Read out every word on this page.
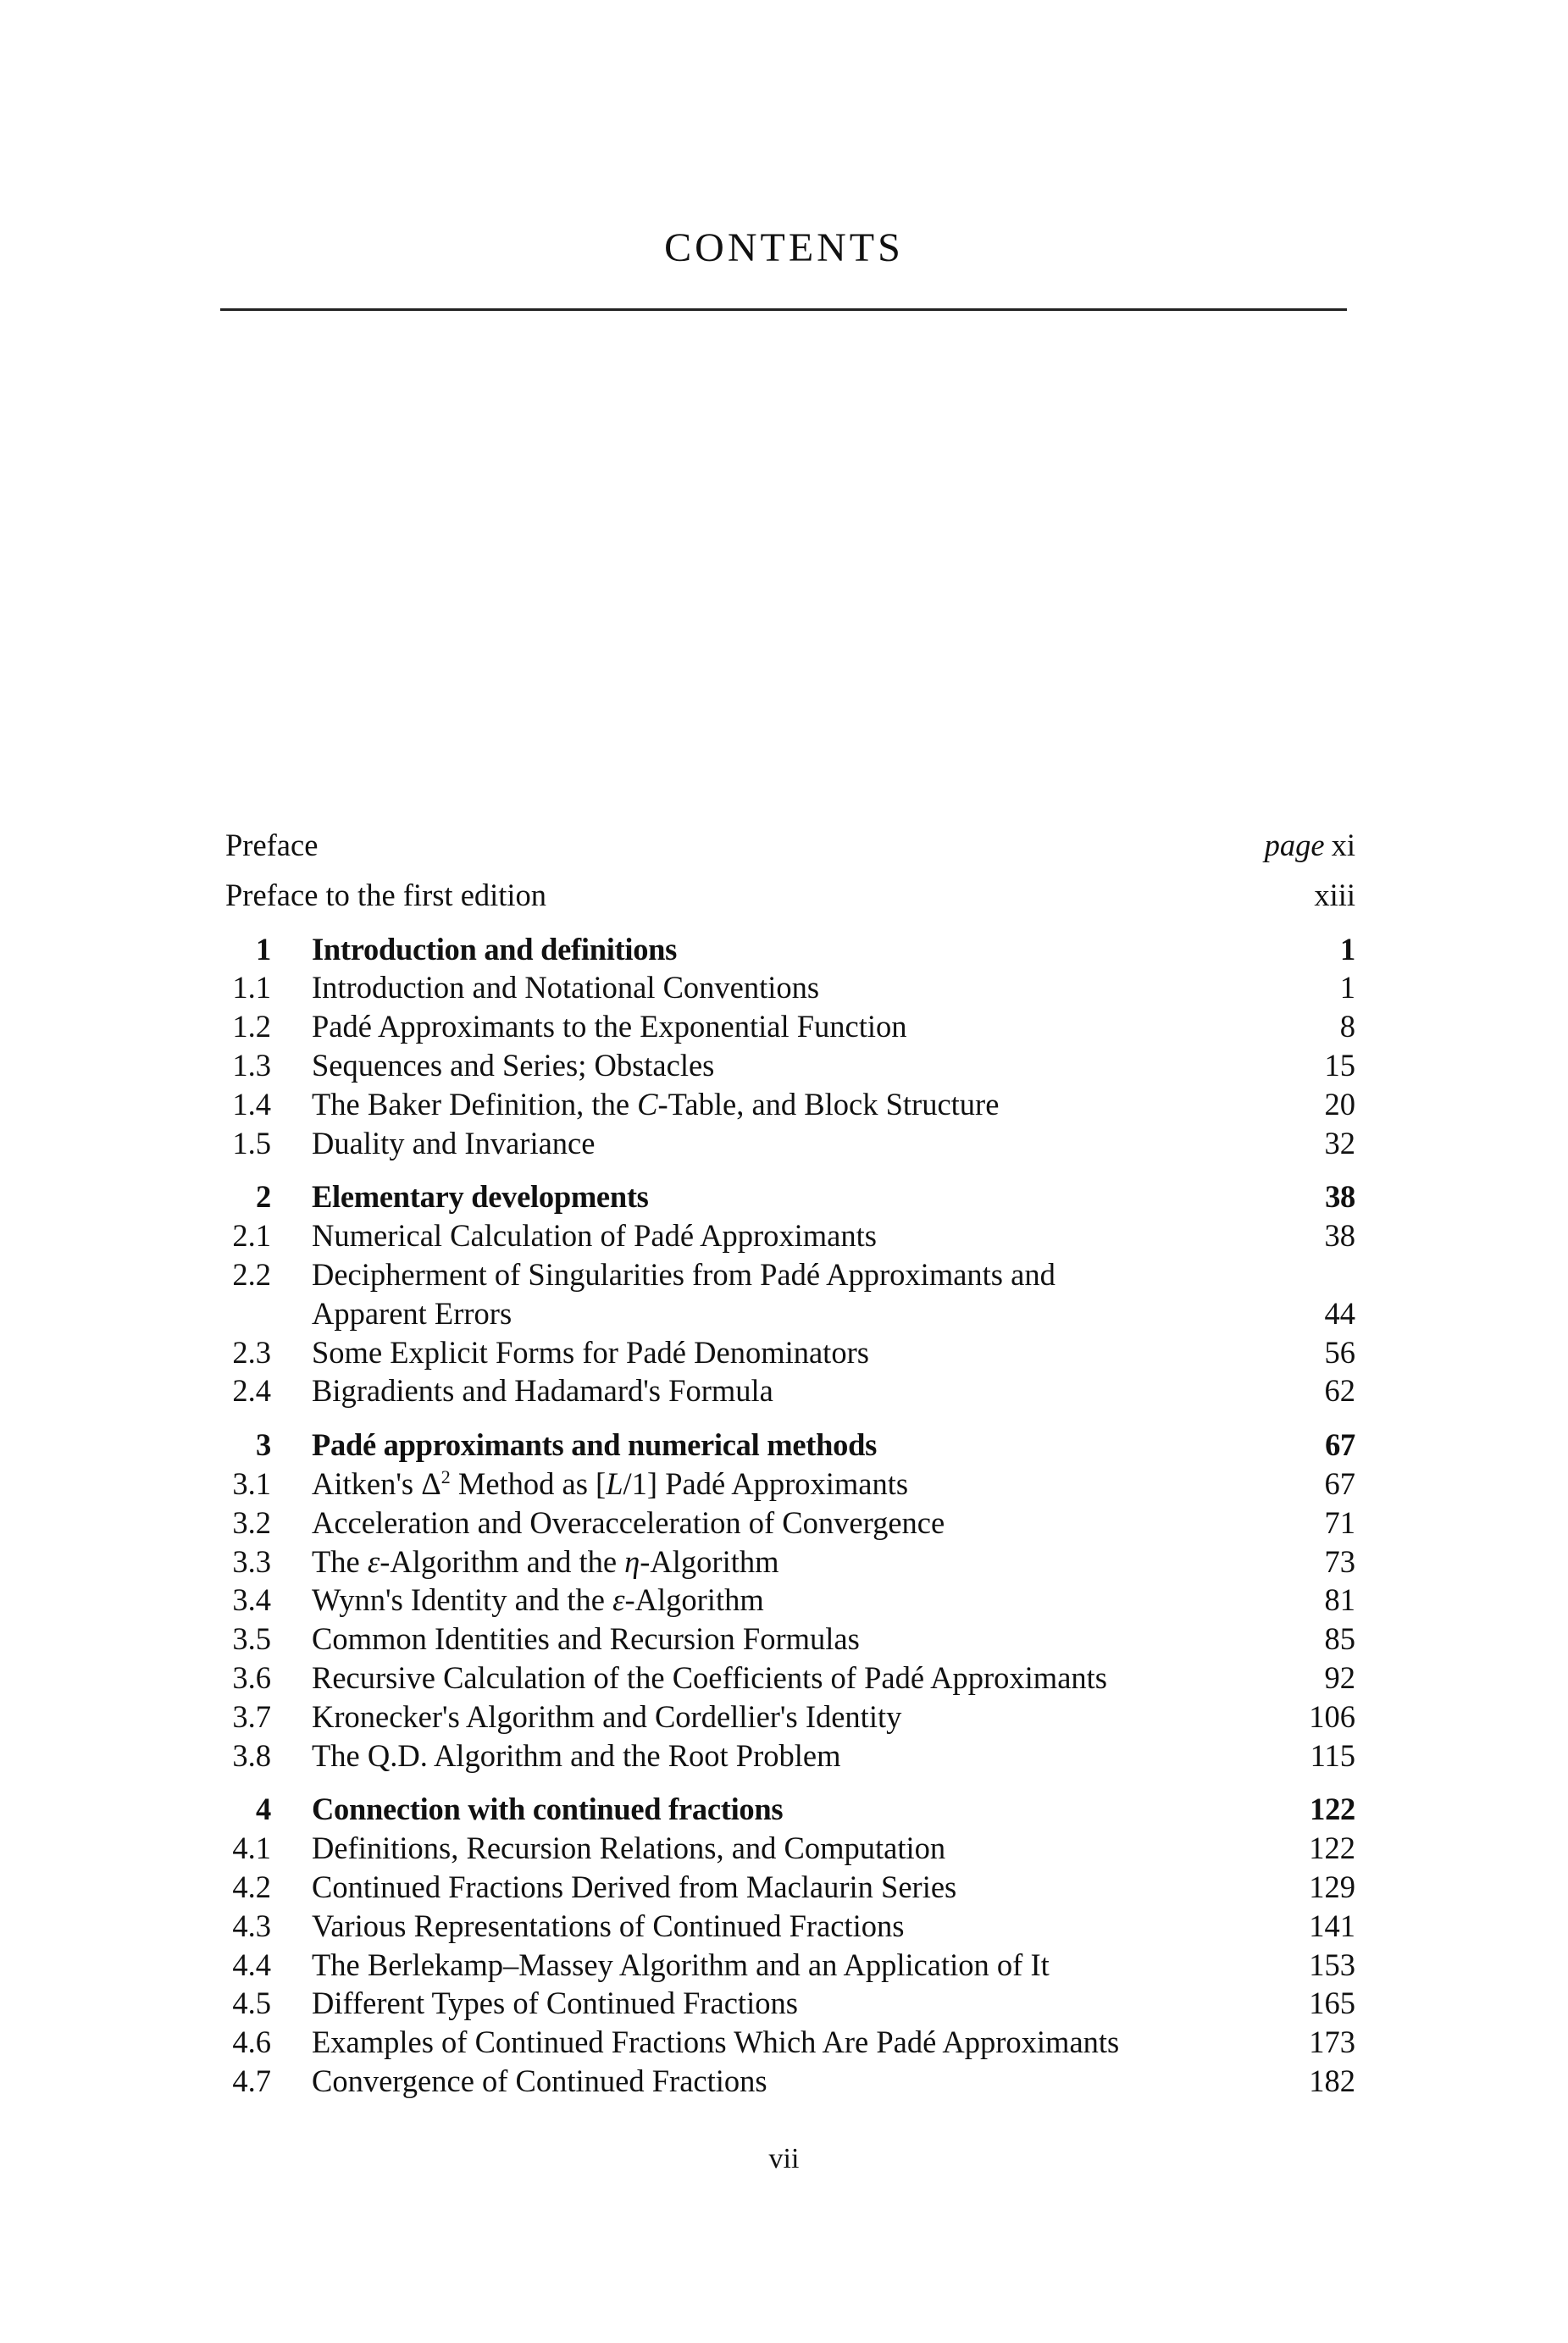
CONTENTS
Preface	page xi
Preface to the first edition	xiii
1 Introduction and definitions	1
1.1 Introduction and Notational Conventions	1
1.2 Padé Approximants to the Exponential Function	8
1.3 Sequences and Series; Obstacles	15
1.4 The Baker Definition, the C-Table, and Block Structure	20
1.5 Duality and Invariance	32
2 Elementary developments	38
2.1 Numerical Calculation of Padé Approximants	38
2.2 Decipherment of Singularities from Padé Approximants and
Apparent Errors	44
2.3 Some Explicit Forms for Padé Denominators	56
2.4 Bigradients and Hadamard's Formula	62
3 Padé approximants and numerical methods	67
3.1 Aitken's $\Delta^2$ Method as [L/1] Padé Approximants	67
3.2 Acceleration and Overacceleration of Convergence	71
3.3 The ε-Algorithm and the η-Algorithm	73
3.4 Wynn's Identity and the ε-Algorithm	81
3.5 Common Identities and Recursion Formulas	85
3.6 Recursive Calculation of the Coefficients of Padé Approximants	92
3.7 Kronecker's Algorithm and Cordellier's Identity	106
3.8 The Q.D. Algorithm and the Root Problem	115
4 Connection with continued fractions	122
4.1 Definitions, Recursion Relations, and Computation	122
4.2 Continued Fractions Derived from Maclaurin Series	129
4.3 Various Representations of Continued Fractions	141
4.4 The Berlekamp–Massey Algorithm and an Application of It	153
4.5 Different Types of Continued Fractions	165
4.6 Examples of Continued Fractions Which Are Padé Approximants	173
4.7 Convergence of Continued Fractions	182
vii
